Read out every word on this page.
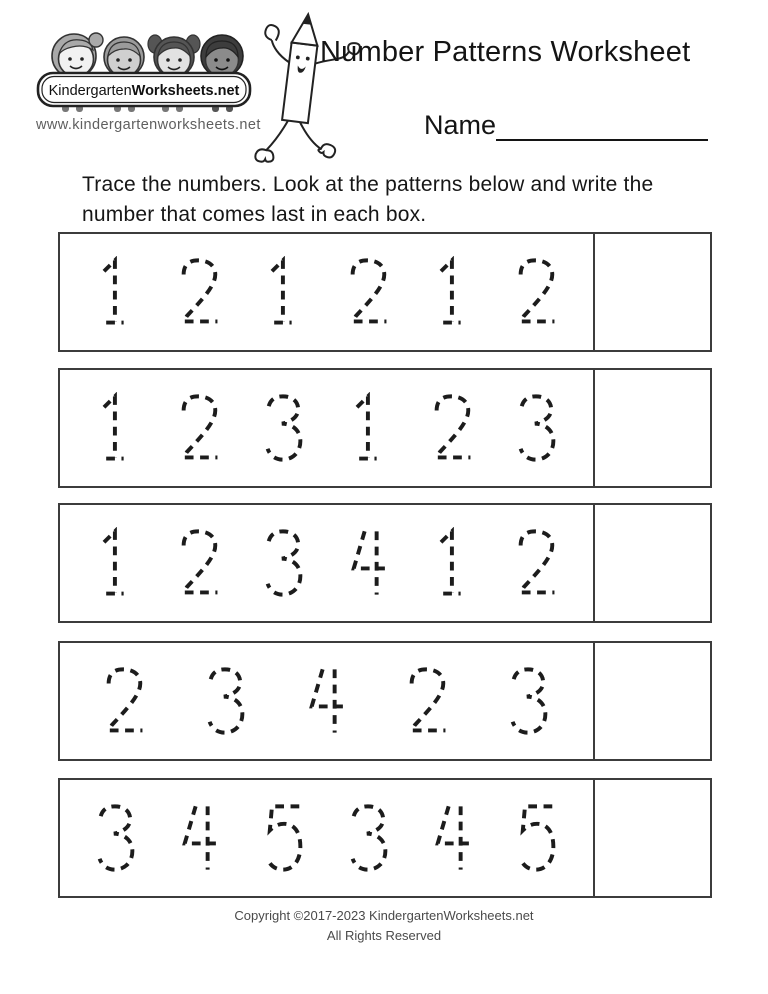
KindergartenWorksheets.net
www.kindergartenworksheets.net
Number Patterns Worksheet
Name
Trace the numbers. Look at the patterns below and write the number that comes last in each box.
Copyright ©2017-2023 KindergartenWorksheets.net
All Rights Reserved
